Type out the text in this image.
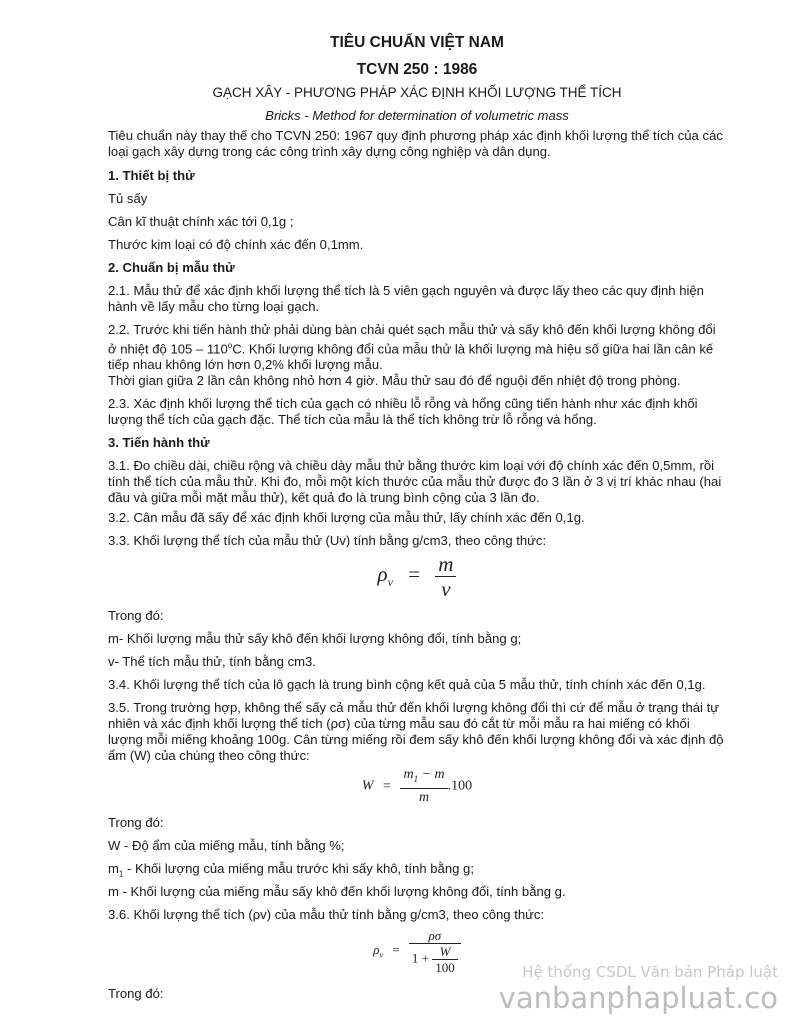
TIÊU CHUẨN VIỆT NAM
TCVN 250 : 1986
GẠCH XÂY - PHƯƠNG PHÁP XÁC ĐỊNH KHỐI LƯỢNG THỂ TÍCH
Bricks - Method for determination of volumetric mass

Tiêu chuẩn này thay thế cho TCVN 250: 1967 quy định phương pháp xác định khối lượng thể tích của các loại gạch xây dựng trong các công trình xây dựng công nghiệp và dân dụng.

1. Thiết bị thử

Tủ sấy

Cân kĩ thuật chính xác tới 0,1g ;

Thước kim loại có độ chính xác đến 0,1mm.

2. Chuẩn bị mẫu thử

2.1. Mẫu thử để xác định khối lượng thể tích là 5 viên gạch nguyên và được lấy theo các quy định hiện hành về lấy mẫu cho từng loại gạch.

2.2. Trước khi tiến hành thử phải dùng bàn chải quét sạch mẫu thử và sấy khô đến khối lượng không đổi ở nhiệt độ 105 – 110$^o$C. Khối lượng không đổi của mẫu thử là khối lượng mà hiệu số giữa hai lần cân kế tiếp nhau không lớn hơn 0,2% khối lượng mẫu.

Thời gian giữa 2 lần cân không nhỏ hơn 4 giờ. Mẫu thử sau đó để nguội đến nhiệt độ trong phòng.

2.3. Xác định khối lượng thể tích của gạch có nhiều lỗ rỗng và hổng cũng tiến hành như xác định khối lượng thể tích của gạch đặc. Thể tích của mẫu là thể tích không trừ lỗ rỗng và hổng.

3. Tiến hành thử

3.1. Đo chiều dài, chiều rộng và chiều dày mẫu thử bằng thước kim loại với độ chính xác đến 0,5mm, rồi tính thể tích của mẫu thử. Khi đo, mỗi một kích thước của mẫu thử được đo 3 lần ở 3 vị trí khác nhau (hai đầu và giữa mỗi mặt mẫu thử), kết quả đo là trung bình cộng của 3 lần đo.

3.2. Cân mẫu đã sấy để xác định khối lượng của mẫu thử, lấy chính xác đến 0,1g.

3.3. Khối lượng thể tích của mẫu thử (Uv) tính bằng g/cm3, theo công thức:

$\rho_v = \frac{m}{v}$

Trong đó:

m- Khối lượng mẫu thử sấy khô đến khối lượng không đổi, tính bằng g;

v- Thể tích mẫu thử, tính bằng cm3.

3.4. Khối lượng thể tích của lô gạch là trung bình cộng kết quả của 5 mẫu thử, tính chính xác đến 0,1g.

3.5. Trong trường hợp, không thể sấy cả mẫu thử đến khối lượng không đổi thì cứ để mẫu ở trạng thái tự nhiên và xác định khối lượng thể tích (ρσ) của từng mẫu sau đó cắt từ mỗi mẫu ra hai miếng có khối lượng mỗi miếng khoảng 100g. Cân từng miếng rồi đem sấy khô đến khối lượng không đổi và xác định độ ẩm (W) của chúng theo công thức:

$W = \frac{m_1 - m}{m} .100$

Trong đó:

W - Độ ẩm của miếng mẫu, tính bằng %;

$m_1$ - Khối lượng của miếng mẫu trước khi sấy khô, tính bằng g;

m - Khối lượng của miếng mẫu sấy khô đến khối lượng không đổi, tính bằng g.

3.6. Khối lượng thể tích (ρv) của mẫu thử tính bằng g/cm3, theo công thức:

$\rho_v = \frac{\rho\sigma}{1 + \frac{W}{100}}$

Trong đó:

Hệ thống CSDL Văn bản Pháp luật
vanbanphapluat.co
